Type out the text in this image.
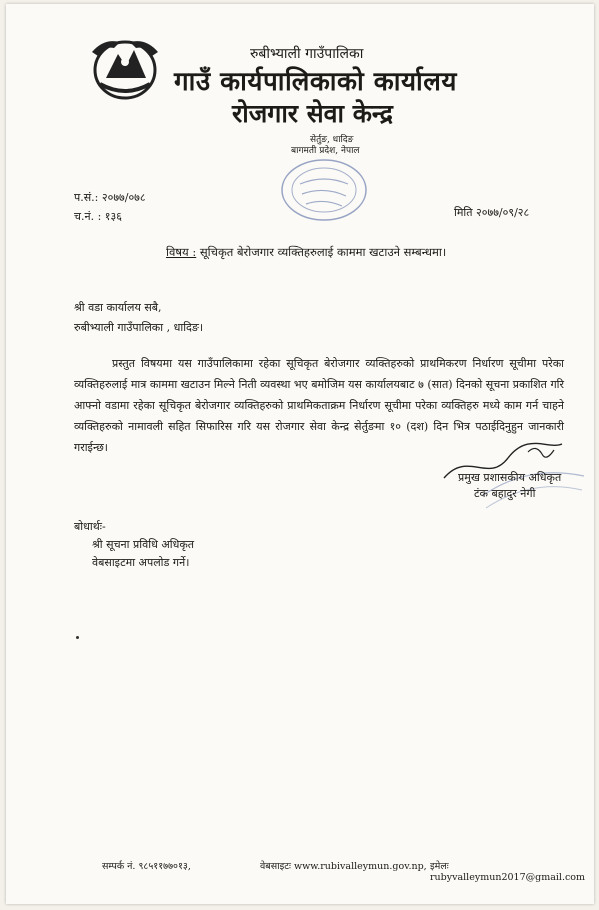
रुबीभ्याली गाउँपालिका
गाउँ कार्यपालिकाको कार्यालय
रोजगार सेवा केन्द्र
सेर्तुङ, धादिङ
बागमती प्रदेश, नेपाल
प.सं.: २०७७/०७८
च.नं. : १३६	मिति २०७७/०९/२८
विषय : सूचिकृत बेरोजगार व्यक्तिहरुलाई काममा खटाउने सम्बन्धमा।
श्री वडा कार्यालय सबै,
रुबीभ्याली गाउँपालिका , धादिङ।
प्रस्तुत विषयमा यस गाउँपालिकामा रहेका सूचिकृत बेरोजगार व्यक्तिहरुको प्राथमिकरण निर्धारण सूचीमा परेका व्यक्तिहरुलाई मात्र काममा खटाउन मिल्ने निती व्यवस्था भए बमोजिम यस कार्यालयबाट ७ (सात) दिनको सूचना प्रकाशित गरि आफ्नो वडामा रहेका सूचिकृत बेरोजगार व्यक्तिहरुको प्राथमिकताक्रम निर्धारण सूचीमा परेका व्यक्तिहरु मध्ये काम गर्न चाहने व्यक्तिहरुको नामावली सहित सिफारिस गरि यस रोजगार सेवा केन्द्र सेर्तुङमा १० (दश) दिन भित्र पठाईदिनुहुन जानकारी गराईन्छ।
प्रमुख प्रशासकीय अधिकृत
टंक बहादुर नेगी
बोधार्थः-
श्री सूचना प्रविधि अधिकृत
वेबसाइटमा अपलोड गर्ने।
सम्पर्क नं. ९८५११७७०१३,	वेबसाइटः www.rubivalleymun.gov.np, इमेलः rubyvalleymun2017@gmail.com
